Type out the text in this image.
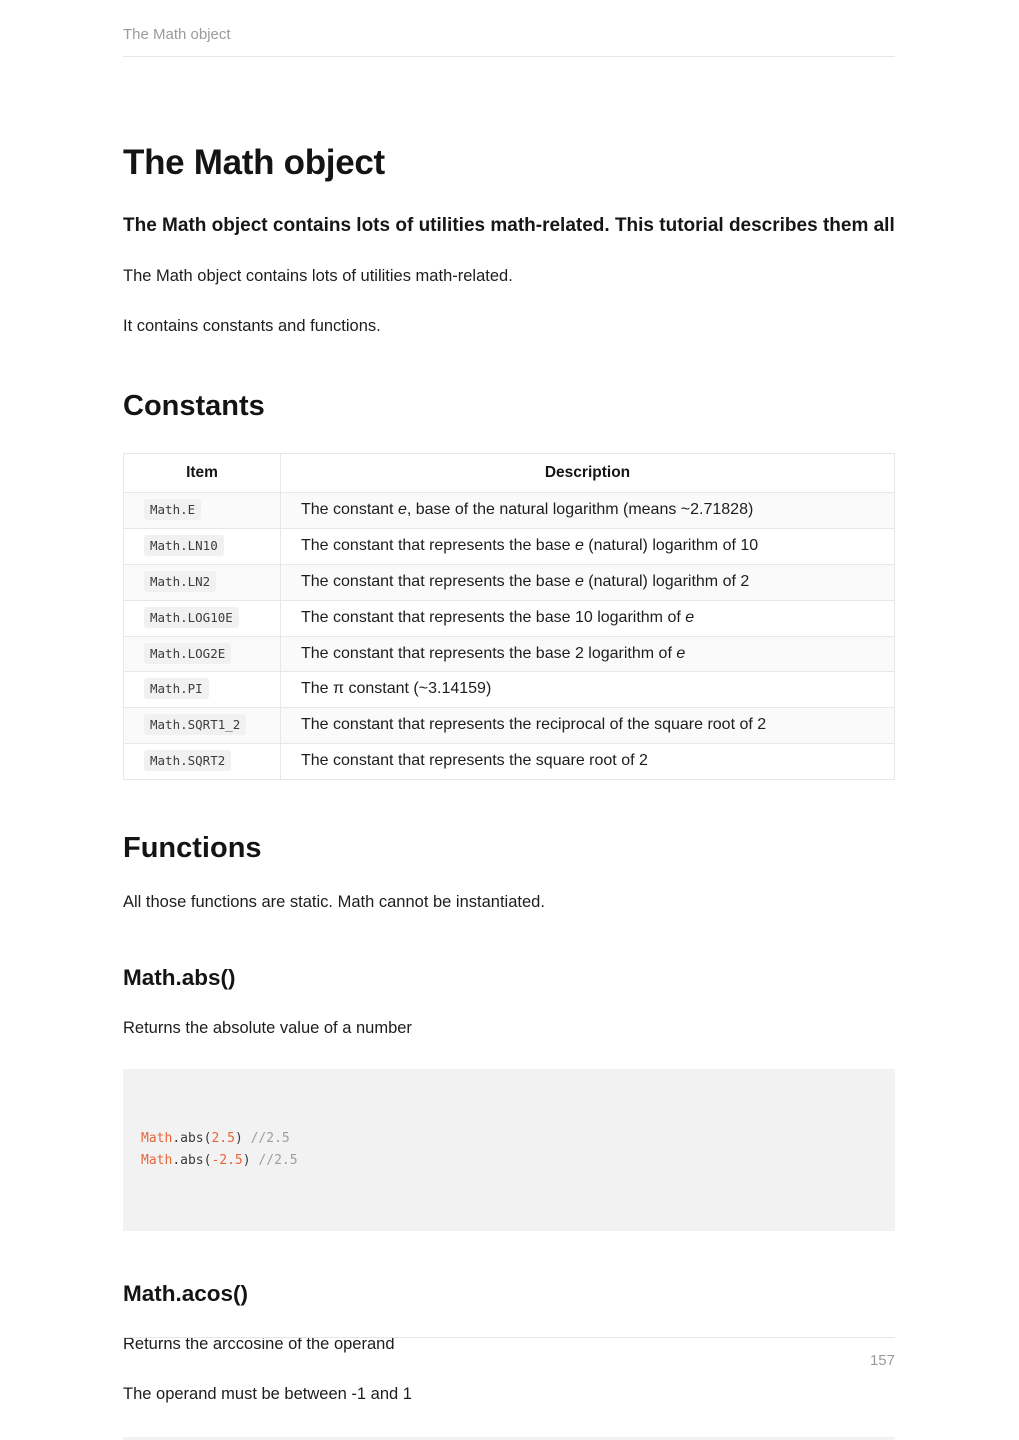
The Math object
The Math object

The Math object contains lots of utilities math-related. This tutorial describes them all

The Math object contains lots of utilities math-related.

It contains constants and functions.

Constants
Item	Description
Math.E	The constant e, base of the natural logarithm (means ~2.71828)
Math.LN10	The constant that represents the base e (natural) logarithm of 10
Math.LN2	The constant that represents the base e (natural) logarithm of 2
Math.LOG10E	The constant that represents the base 10 logarithm of e
Math.LOG2E	The constant that represents the base 2 logarithm of e
Math.PI	The π constant (~3.14159)
Math.SQRT1_2	The constant that represents the reciprocal of the square root of 2
Math.SQRT2	The constant that represents the square root of 2
Functions

All those functions are static. Math cannot be instantiated.

Math.abs()

Returns the absolute value of a number

Math.abs(2.5) //2.5
Math.abs(-2.5) //2.5

Math.acos()

Returns the arccosine of the operand

The operand must be between -1 and 1

157
